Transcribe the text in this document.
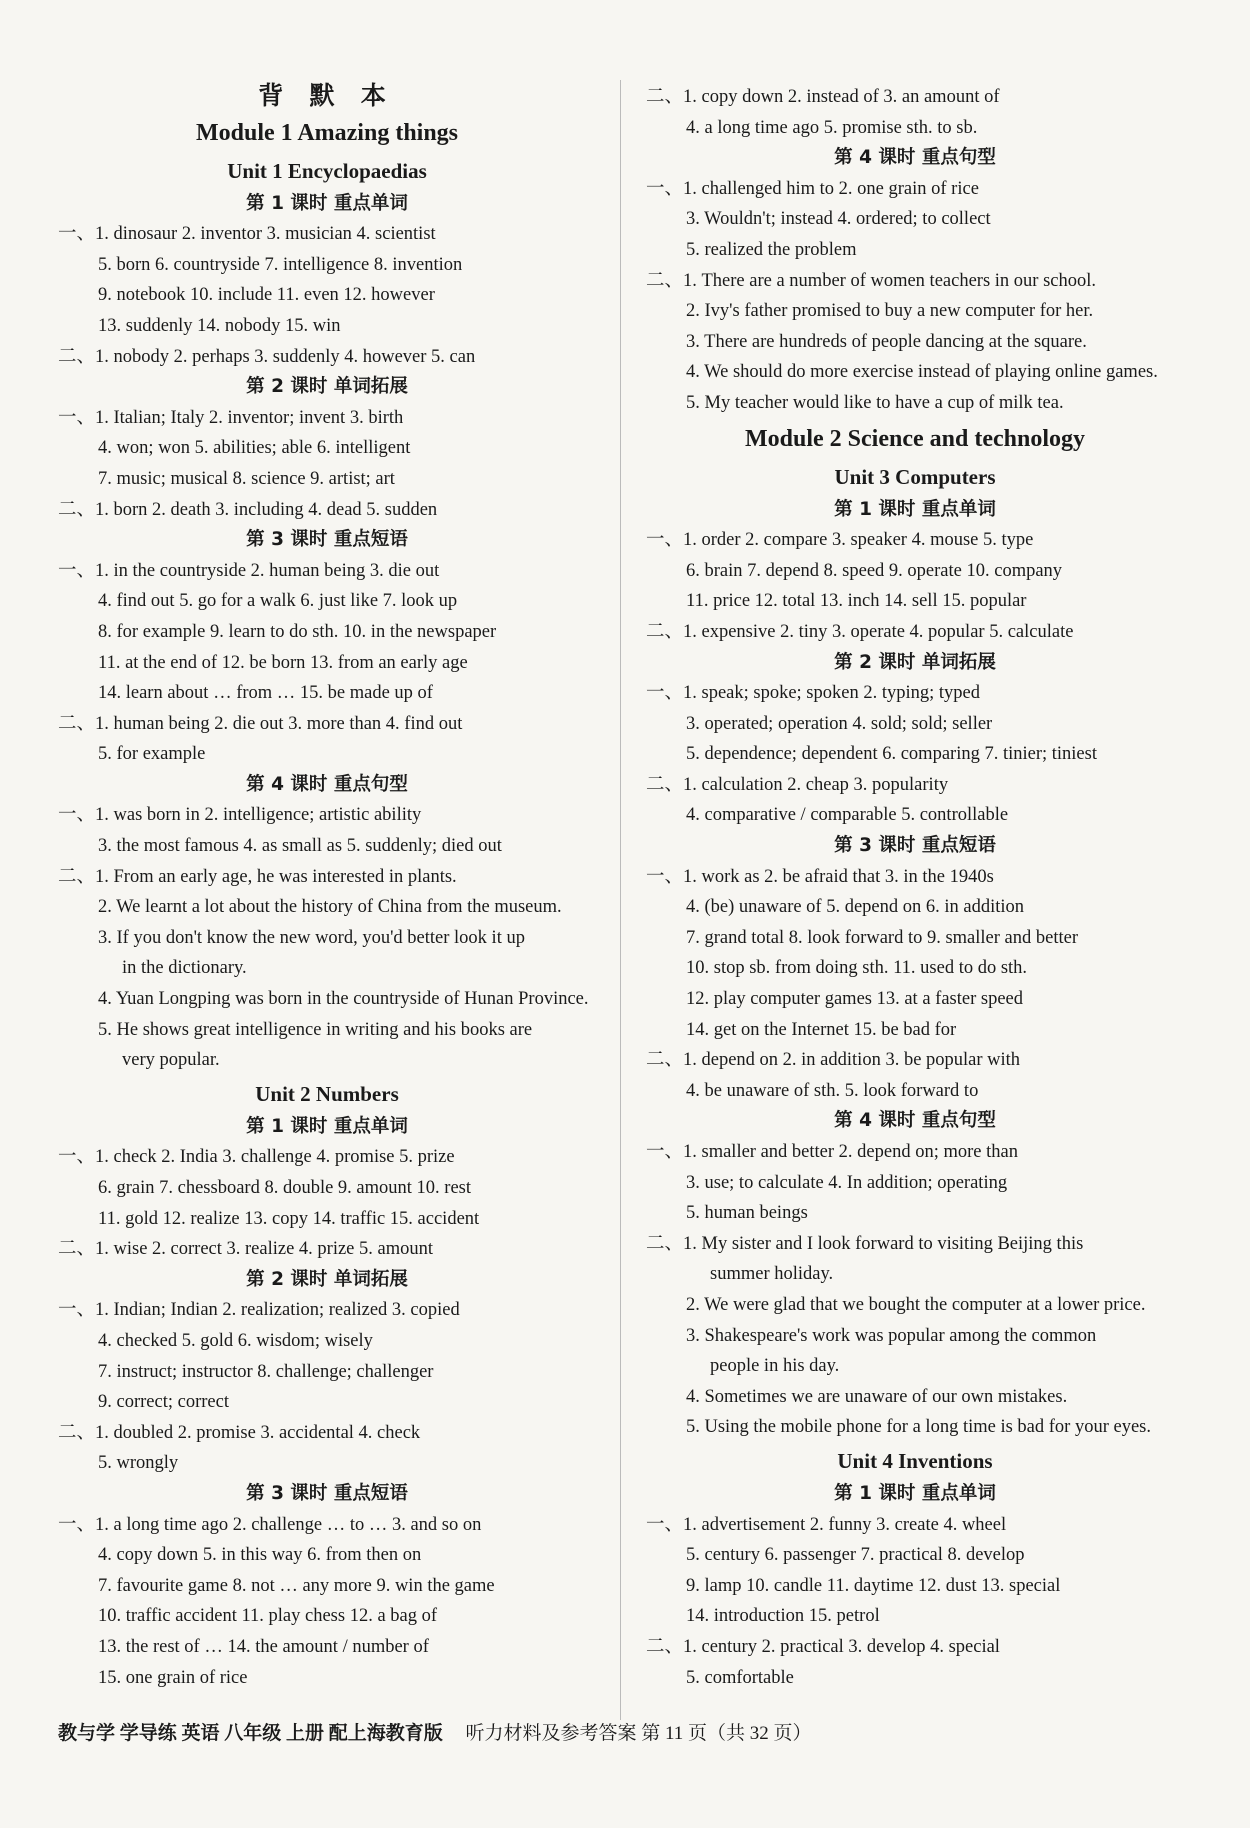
背 默 本
Module 1 Amazing things
Unit 1 Encyclopaedias
第 1 课时 重点单词
一、1. dinosaur 2. inventor 3. musician 4. scientist
5. born 6. countryside 7. intelligence 8. invention
9. notebook 10. include 11. even 12. however
13. suddenly 14. nobody 15. win
二、1. nobody 2. perhaps 3. suddenly 4. however 5. can
第 2 课时 单词拓展
一、1. Italian; Italy 2. inventor; invent 3. birth
4. won; won 5. abilities; able 6. intelligent
7. music; musical 8. science 9. artist; art
二、1. born 2. death 3. including 4. dead 5. sudden
第 3 课时 重点短语
一、1. in the countryside 2. human being 3. die out
4. find out 5. go for a walk 6. just like 7. look up
8. for example 9. learn to do sth. 10. in the newspaper
11. at the end of 12. be born 13. from an early age
14. learn about … from … 15. be made up of
二、1. human being 2. die out 3. more than 4. find out
5. for example
第 4 课时 重点句型
一、1. was born in 2. intelligence; artistic ability
3. the most famous 4. as small as 5. suddenly; died out
二、1. From an early age, he was interested in plants.
2. We learnt a lot about the history of China from the museum.
3. If you don't know the new word, you'd better look it up
in the dictionary.
4. Yuan Longping was born in the countryside of Hunan Province.
5. He shows great intelligence in writing and his books are
very popular.
Unit 2 Numbers
第 1 课时 重点单词
一、1. check 2. India 3. challenge 4. promise 5. prize
6. grain 7. chessboard 8. double 9. amount 10. rest
11. gold 12. realize 13. copy 14. traffic 15. accident
二、1. wise 2. correct 3. realize 4. prize 5. amount
第 2 课时 单词拓展
一、1. Indian; Indian 2. realization; realized 3. copied
4. checked 5. gold 6. wisdom; wisely
7. instruct; instructor 8. challenge; challenger
9. correct; correct
二、1. doubled 2. promise 3. accidental 4. check
5. wrongly
第 3 课时 重点短语
一、1. a long time ago 2. challenge … to … 3. and so on
4. copy down 5. in this way 6. from then on
7. favourite game 8. not … any more 9. win the game
10. traffic accident 11. play chess 12. a bag of
13. the rest of … 14. the amount / number of
15. one grain of rice
二、1. copy down 2. instead of 3. an amount of
4. a long time ago 5. promise sth. to sb.
第 4 课时 重点句型
一、1. challenged him to 2. one grain of rice
3. Wouldn't; instead 4. ordered; to collect
5. realized the problem
二、1. There are a number of women teachers in our school.
2. Ivy's father promised to buy a new computer for her.
3. There are hundreds of people dancing at the square.
4. We should do more exercise instead of playing online games.
5. My teacher would like to have a cup of milk tea.
Module 2 Science and technology
Unit 3 Computers
第 1 课时 重点单词
一、1. order 2. compare 3. speaker 4. mouse 5. type
6. brain 7. depend 8. speed 9. operate 10. company
11. price 12. total 13. inch 14. sell 15. popular
二、1. expensive 2. tiny 3. operate 4. popular 5. calculate
第 2 课时 单词拓展
一、1. speak; spoke; spoken 2. typing; typed
3. operated; operation 4. sold; sold; seller
5. dependence; dependent 6. comparing 7. tinier; tiniest
二、1. calculation 2. cheap 3. popularity
4. comparative / comparable 5. controllable
第 3 课时 重点短语
一、1. work as 2. be afraid that 3. in the 1940s
4. (be) unaware of 5. depend on 6. in addition
7. grand total 8. look forward to 9. smaller and better
10. stop sb. from doing sth. 11. used to do sth.
12. play computer games 13. at a faster speed
14. get on the Internet 15. be bad for
二、1. depend on 2. in addition 3. be popular with
4. be unaware of sth. 5. look forward to
第 4 课时 重点句型
一、1. smaller and better 2. depend on; more than
3. use; to calculate 4. In addition; operating
5. human beings
二、1. My sister and I look forward to visiting Beijing this
summer holiday.
2. We were glad that we bought the computer at a lower price.
3. Shakespeare's work was popular among the common
people in his day.
4. Sometimes we are unaware of our own mistakes.
5. Using the mobile phone for a long time is bad for your eyes.
Unit 4 Inventions
第 1 课时 重点单词
一、1. advertisement 2. funny 3. create 4. wheel
5. century 6. passenger 7. practical 8. develop
9. lamp 10. candle 11. daytime 12. dust 13. special
14. introduction 15. petrol
二、1. century 2. practical 3. develop 4. special
5. comfortable
教与学 学导练 英语 八年级 上册 配上海教育版 听力材料及参考答案 第 11 页（共 32 页）
